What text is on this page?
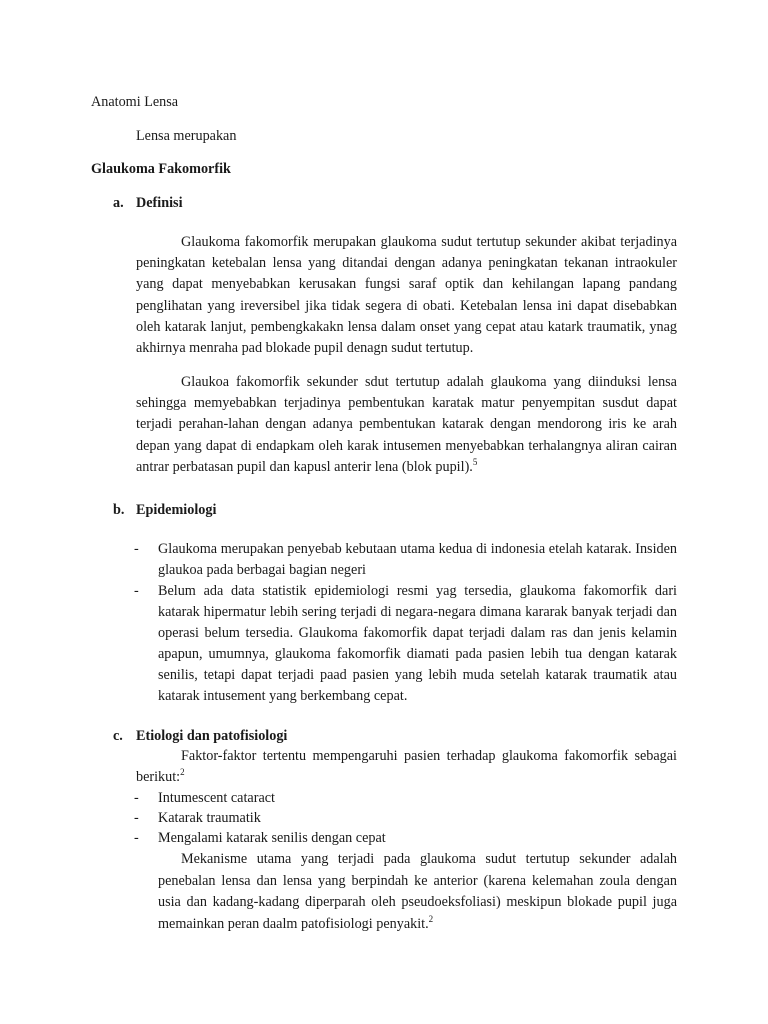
Anatomi Lensa
Lensa merupakan
Glaukoma Fakomorfik
a. Definisi
Glaukoma fakomorfik merupakan glaukoma sudut tertutup sekunder akibat terjadinya peningkatan ketebalan lensa yang ditandai dengan adanya peningkatan tekanan intraokuler yang dapat menyebabkan kerusakan fungsi saraf optik dan kehilangan lapang pandang penglihatan yang ireversibel jika tidak segera di obati. Ketebalan lensa ini dapat disebabkan oleh katarak lanjut, pembengkakakn lensa dalam onset yang cepat atau katark traumatik, ynag akhirnya menraha pad blokade pupil denagn sudut tertutup.
Glaukoa fakomorfik sekunder sdut tertutup adalah glaukoma yang diinduksi lensa sehingga memyebabkan terjadinya pembentukan karatak matur penyempitan susdut dapat terjadi perahan-lahan dengan adanya pembentukan katarak dengan mendorong iris ke arah depan yang dapat di endapkam oleh karak intusemen menyebabkan terhalangnya aliran cairan antrar perbatasan pupil dan kapusl anterir lena (blok pupil).$^5$
b. Epidemiologi
- Glaukoma merupakan penyebab kebutaan utama kedua di indonesia etelah katarak. Insiden glaukoa pada berbagai bagian negeri
- Belum ada data statistik epidemiologi resmi yag tersedia, glaukoma fakomorfik dari katarak hipermatur lebih sering terjadi di negara-negara dimana kararak banyak terjadi dan operasi belum tersedia. Glaukoma fakomorfik dapat terjadi dalam ras dan jenis kelamin apapun, umumnya, glaukoma fakomorfik diamati pada pasien lebih tua dengan katarak senilis, tetapi dapat terjadi paad pasien yang lebih muda setelah katarak traumatik atau katarak intusement yang berkembang cepat.
c. Etiologi dan patofisiologi
Faktor-faktor tertentu mempengaruhi pasien terhadap glaukoma fakomorfik sebagai berikut:$^2$
- Intumescent cataract
- Katarak traumatik
- Mengalami katarak senilis dengan cepat
Mekanisme utama yang terjadi pada glaukoma sudut tertutup sekunder adalah penebalan lensa dan lensa yang berpindah ke anterior (karena kelemahan zoula dengan usia dan kadang-kadang diperparah oleh pseudoeksfoliasi) meskipun blokade pupil juga memainkan peran daalm patofisiologi penyakit.$^2$
